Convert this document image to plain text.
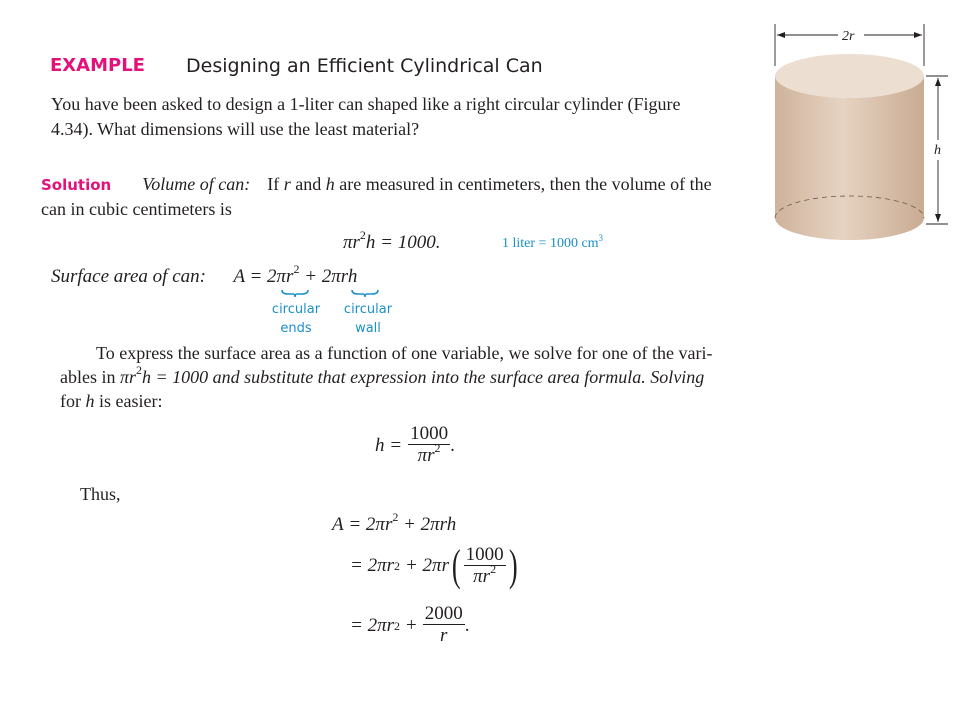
EXAMPLE Designing an Efficient Cylindrical Can
You have been asked to design a 1-liter can shaped like a right circular cylinder (Figure
4.34). What dimensions will use the least material?
Solution Volume of can: If r and h are measured in centimeters, then the volume of the
can in cubic centimeters is
$\pi r^2h = 1000$.	1 liter = 1000 $cm^3$
Surface area of can: $A = 2\pi r^2 + 2\pi rh$
circular
ends
circular
wall
To express the surface area as a function of one variable, we solve for one of the vari-
ables in $\pi r^2h = 1000$ and substitute that expression into the surface area formula. Solving
for h is easier:
$h = \frac{1000}{\pi r^2}$ .
Thus,
$A = 2\pi r^2 + 2\pi rh$
= 2πr 2 + 2πr ( $\frac{1000}{\pi r^2}$ )
= 2πr $2 + \frac{2000}{r}$ .
2r
h
